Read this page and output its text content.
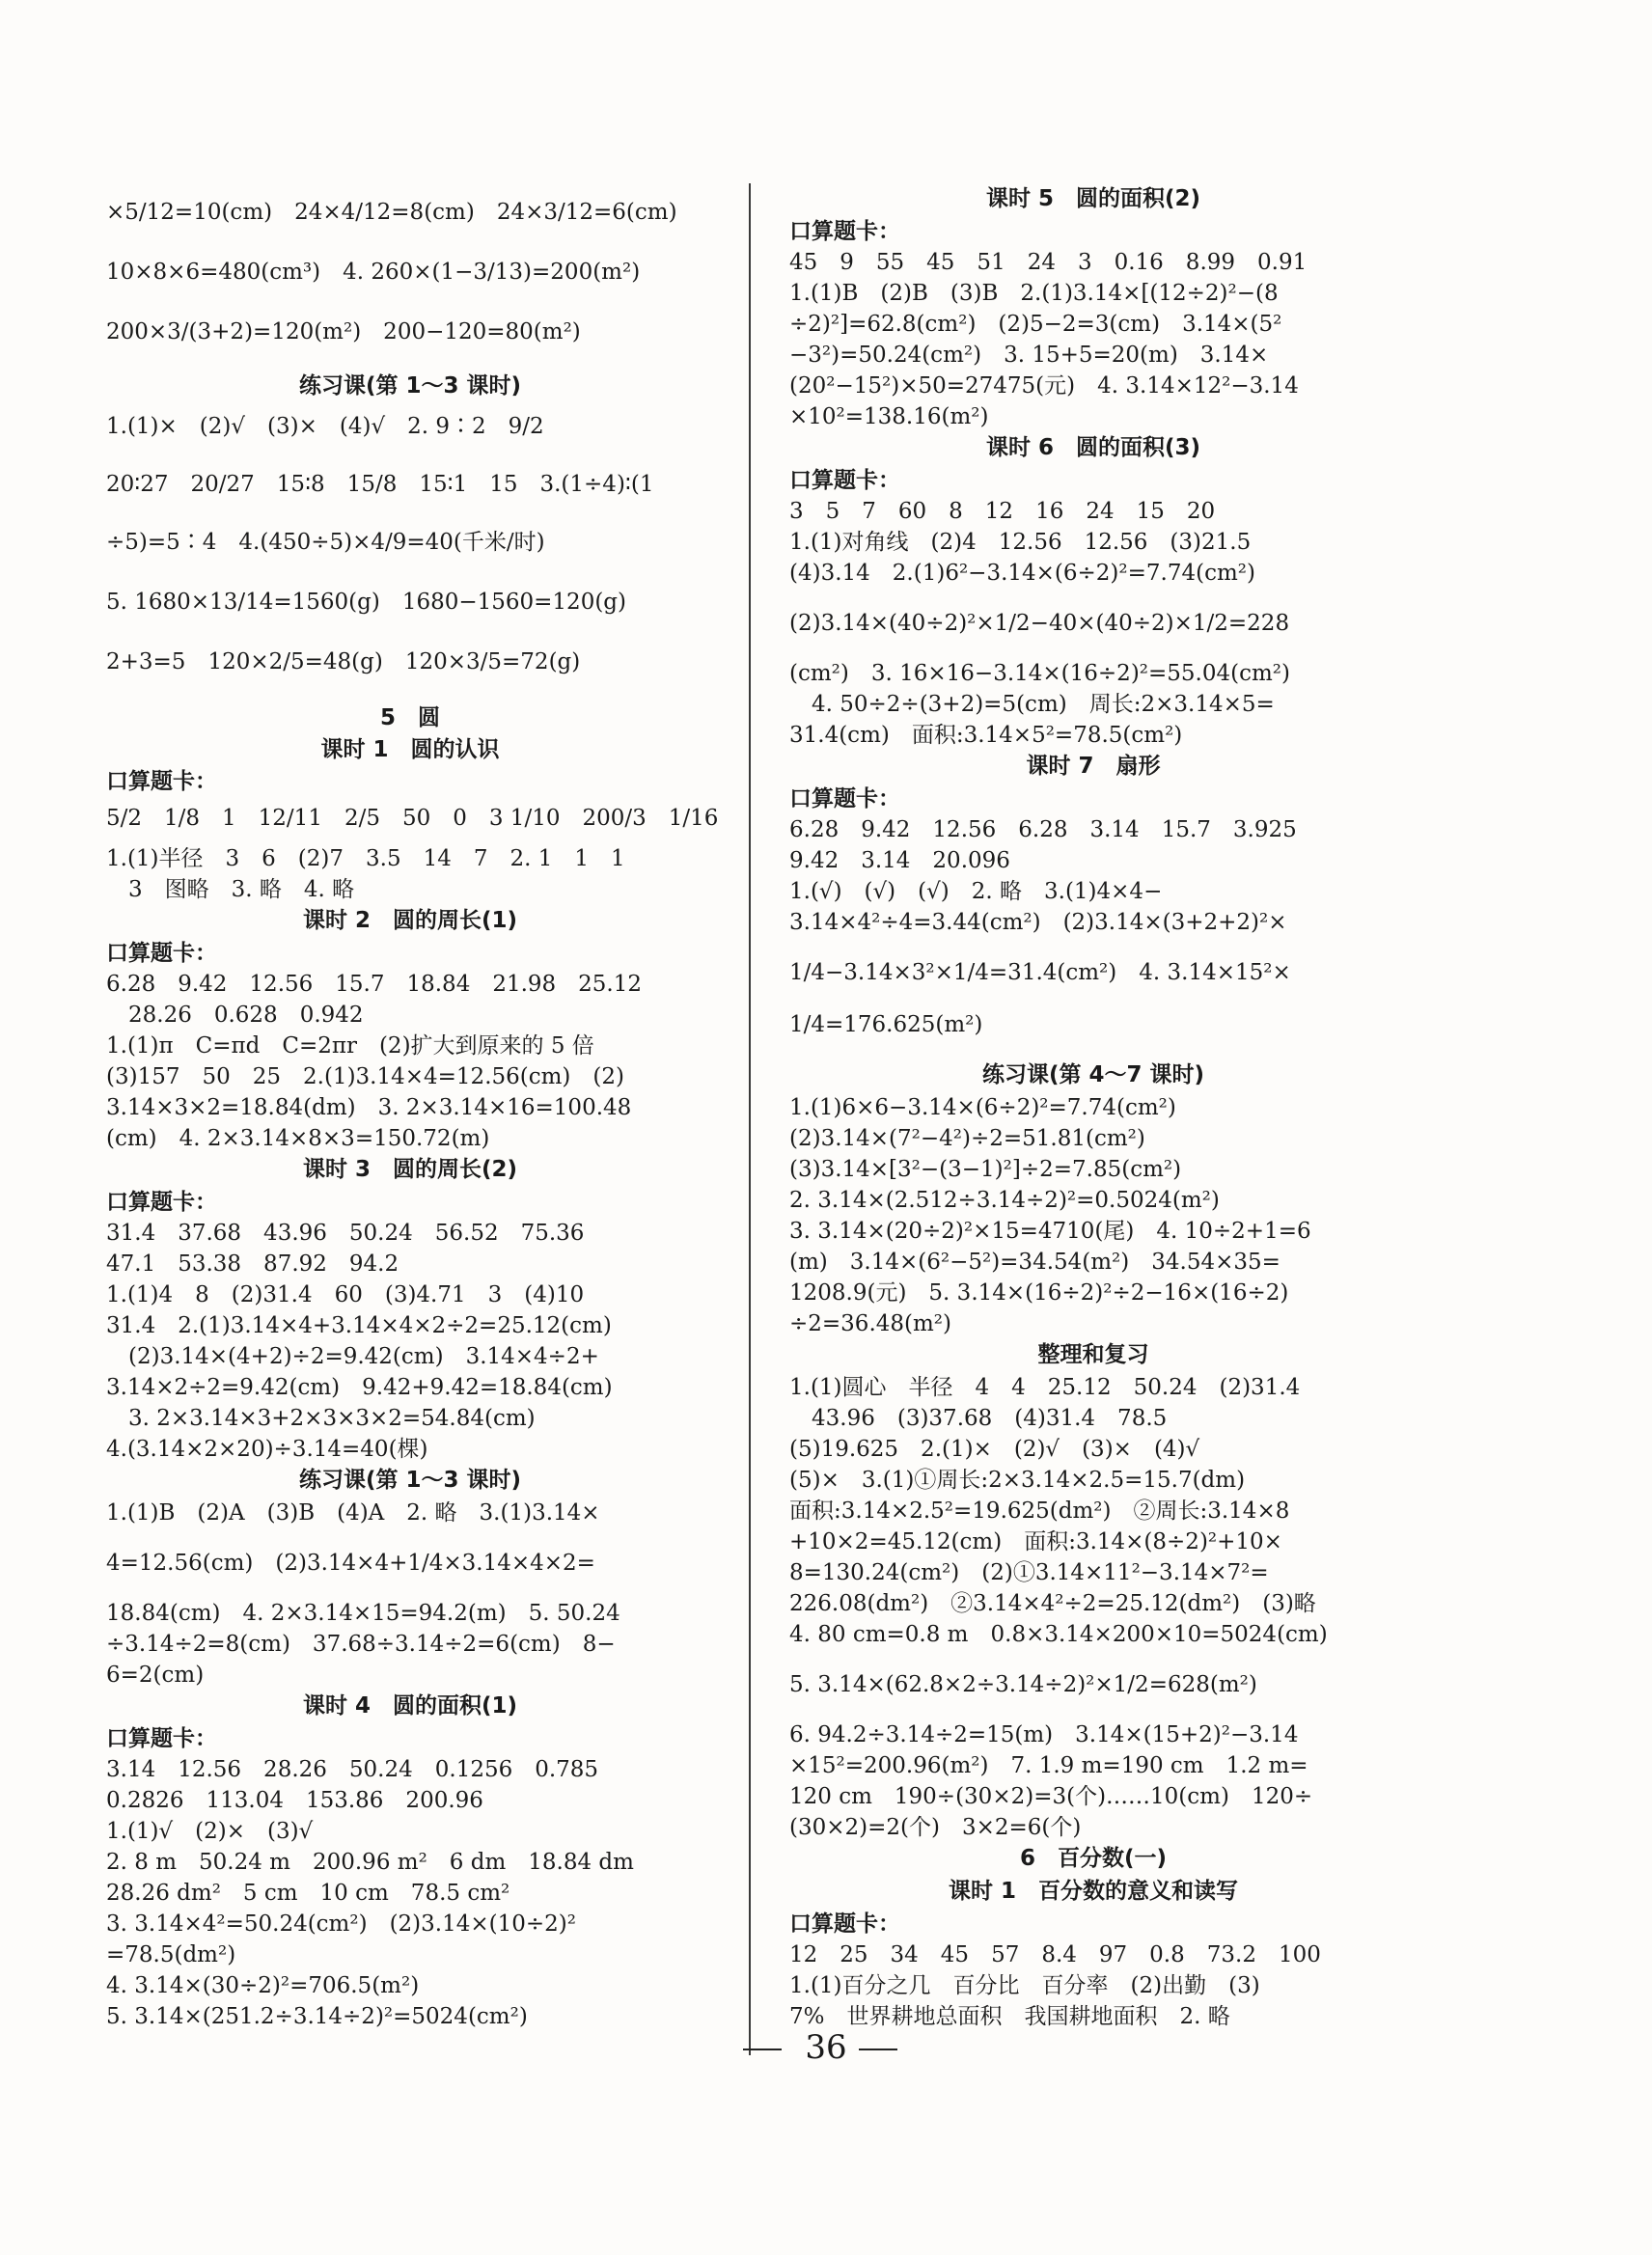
×5/12=10(cm)　24×4/12=8(cm)　24×3/12=6(cm)
10×8×6=480(cm³)　4. 260×(1−3/13)=200(m²)
200×3/(3+2)=120(m²)　200−120=80(m²)
练习课(第 1～3 课时)
1.(1)×　(2)√　(3)×　(4)√　2. 9∶2　9/2
20∶27　20/27　15∶8　15/8　15∶1　15　3.(1÷4)∶(1
÷5)=5∶4　4.(450÷5)×4/9=40(千米/时)
5. 1680×13/14=1560(g)　1680−1560=120(g)
2+3=5　120×2/5=48(g)　120×3/5=72(g)
5　圆
课时 1　圆的认识
口算题卡：
5/2　1/8　1　12/11　2/5　50　0　3 1/10　200/3　1/16
1.(1)半径　3　6　(2)7　3.5　14　7　2. 1　1　1
　3　图略　3. 略　4. 略
课时 2　圆的周长(1)
口算题卡：
6.28　9.42　12.56　15.7　18.84　21.98　25.12
　28.26　0.628　0.942
1.(1)π　C=πd　C=2πr　(2)扩大到原来的 5 倍
(3)157　50　25　2.(1)3.14×4=12.56(cm)　(2)
3.14×3×2=18.84(dm)　3. 2×3.14×16=100.48
(cm)　4. 2×3.14×8×3=150.72(m)
课时 3　圆的周长(2)
口算题卡：
31.4　37.68　43.96　50.24　56.52　75.36
47.1　53.38　87.92　94.2
1.(1)4　8　(2)31.4　60　(3)4.71　3　(4)10
31.4　2.(1)3.14×4+3.14×4×2÷2=25.12(cm)
　(2)3.14×(4+2)÷2=9.42(cm)　3.14×4÷2+
3.14×2÷2=9.42(cm)　9.42+9.42=18.84(cm)
　3. 2×3.14×3+2×3×3×2=54.84(cm)
4.(3.14×2×20)÷3.14=40(棵)
练习课(第 1～3 课时)
1.(1)B　(2)A　(3)B　(4)A　2. 略　3.(1)3.14×
4=12.56(cm)　(2)3.14×4+1/4×3.14×4×2=
18.84(cm)　4. 2×3.14×15=94.2(m)　5. 50.24
÷3.14÷2=8(cm)　37.68÷3.14÷2=6(cm)　8−
6=2(cm)
课时 4　圆的面积(1)
口算题卡：
3.14　12.56　28.26　50.24　0.1256　0.785
0.2826　113.04　153.86　200.96
1.(1)√　(2)×　(3)√
2. 8 m　50.24 m　200.96 m²　6 dm　18.84 dm
28.26 dm²　5 cm　10 cm　78.5 cm²
3. 3.14×4²=50.24(cm²)　(2)3.14×(10÷2)²
=78.5(dm²)
4. 3.14×(30÷2)²=706.5(m²)
5. 3.14×(251.2÷3.14÷2)²=5024(cm²)
课时 5　圆的面积(2)
口算题卡：
45　9　55　45　51　24　3　0.16　8.99　0.91
1.(1)B　(2)B　(3)B　2.(1)3.14×[(12÷2)²−(8
÷2)²]=62.8(cm²)　(2)5−2=3(cm)　3.14×(5²
−3²)=50.24(cm²)　3. 15+5=20(m)　3.14×
(20²−15²)×50=27475(元)　4. 3.14×12²−3.14
×10²=138.16(m²)
课时 6　圆的面积(3)
口算题卡：
3　5　7　60　8　12　16　24　15　20
1.(1)对角线　(2)4　12.56　12.56　(3)21.5
(4)3.14　2.(1)6²−3.14×(6÷2)²=7.74(cm²)
(2)3.14×(40÷2)²×1/2−40×(40÷2)×1/2=228
(cm²)　3. 16×16−3.14×(16÷2)²=55.04(cm²)
　4. 50÷2÷(3+2)=5(cm)　周长:2×3.14×5=
31.4(cm)　面积:3.14×5²=78.5(cm²)
课时 7　扇形
口算题卡：
6.28　9.42　12.56　6.28　3.14　15.7　3.925
9.42　3.14　20.096
1.(√)　(√)　(√)　2. 略　3.(1)4×4−
3.14×4²÷4=3.44(cm²)　(2)3.14×(3+2+2)²×
1/4−3.14×3²×1/4=31.4(cm²)　4. 3.14×15²×
1/4=176.625(m²)
练习课(第 4～7 课时)
1.(1)6×6−3.14×(6÷2)²=7.74(cm²)
(2)3.14×(7²−4²)÷2=51.81(cm²)
(3)3.14×[3²−(3−1)²]÷2=7.85(cm²)
2. 3.14×(2.512÷3.14÷2)²=0.5024(m²)
3. 3.14×(20÷2)²×15=4710(尾)　4. 10÷2+1=6
(m)　3.14×(6²−5²)=34.54(m²)　34.54×35=
1208.9(元)　5. 3.14×(16÷2)²÷2−16×(16÷2)
÷2=36.48(m²)
整理和复习
1.(1)圆心　半径　4　4　25.12　50.24　(2)31.4
　43.96　(3)37.68　(4)31.4　78.5
(5)19.625　2.(1)×　(2)√　(3)×　(4)√
(5)×　3.(1)①周长:2×3.14×2.5=15.7(dm)
面积:3.14×2.5²=19.625(dm²)　②周长:3.14×8
+10×2=45.12(cm)　面积:3.14×(8÷2)²+10×
8=130.24(cm²)　(2)①3.14×11²−3.14×7²=
226.08(dm²)　②3.14×4²÷2=25.12(dm²)　(3)略
4. 80 cm=0.8 m　0.8×3.14×200×10=5024(cm)
5. 3.14×(62.8×2÷3.14÷2)²×1/2=628(m²)
6. 94.2÷3.14÷2=15(m)　3.14×(15+2)²−3.14
×15²=200.96(m²)　7. 1.9 m=190 cm　1.2 m=
120 cm　190÷(30×2)=3(个)……10(cm)　120÷
(30×2)=2(个)　3×2=6(个)
6　百分数(一)
课时 1　百分数的意义和读写
口算题卡：
12　25　34　45　57　8.4　97　0.8　73.2　100
1.(1)百分之几　百分比　百分率　(2)出勤　(3)
7%　世界耕地总面积　我国耕地面积　2. 略
36
